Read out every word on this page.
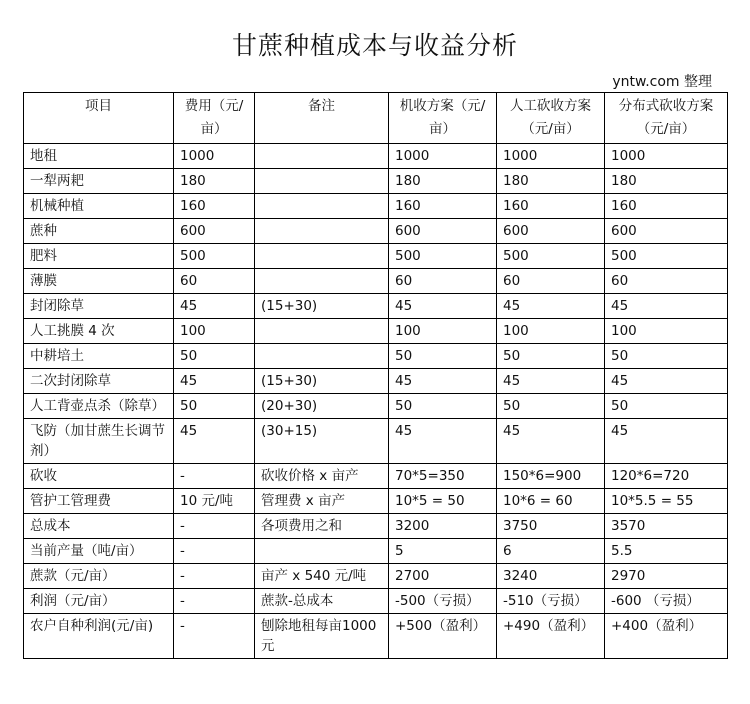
甘蔗种植成本与收益分析
yntw.com 整理
项目	费用（元/亩）	备注	机收方案（元/亩）	人工砍收方案（元/亩）	分布式砍收方案（元/亩）
地租	1000		1000	1000	1000
一犁两耙	180		180	180	180
机械种植	160		160	160	160
蔗种	600		600	600	600
肥料	500		500	500	500
薄膜	60		60	60	60
封闭除草	45	(15+30)	45	45	45
人工挑膜 4 次	100		100	100	100
中耕培土	50		50	50	50
二次封闭除草	45	(15+30)	45	45	45
人工背壶点杀（除草）	50	(20+30)	50	50	50
飞防（加甘蔗生长调节剂）	45	(30+15)	45	45	45
砍收	-	砍收价格 x 亩产	70*5=350	150*6=900	120*6=720
管护工管理费	10 元/吨	管理费 x 亩产	10*5 = 50	10*6 = 60	10*5.5 = 55
总成本	-	各项费用之和	3200	3750	3570
当前产量（吨/亩）	-		5	6	5.5
蔗款（元/亩）	-	亩产 x 540 元/吨	2700	3240	2970
利润（元/亩）	-	蔗款-总成本	-500（亏损）	-510（亏损）	-600 （亏损）
农户自种利润(元/亩)	-	刨除地租每亩1000 元	+500（盈利）	+490（盈利）	+400（盈利）
